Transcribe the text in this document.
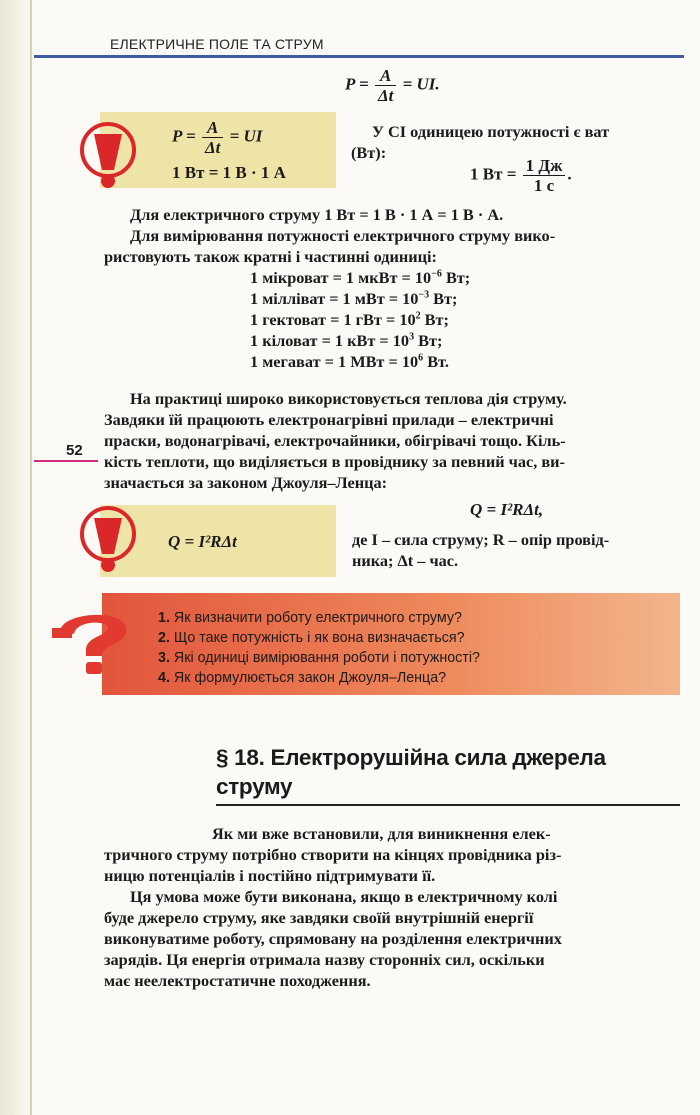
ЕЛЕКТРИЧНЕ ПОЛЕ ТА СТРУМ
$P = \frac{A}{\Delta t}$ = UI.
$P = \frac{A}{\Delta t}$ = UI
1 Вт = 1 В · 1 А
У СІ одиницею потужності є ват
(Вт):
1 Вт = $\frac{1 Дж}{1 с}$ .
Для електричного струму 1 Вт = 1 В · 1 А = 1 В · А.
Для вимірювання потужності електричного струму вико-
ристовують також кратні і частинні одиниці:
1 мікроват = 1 мкВт = $10^{-6}$ Вт;
1 мілліват = 1 мВт = $10^{-3}$ Вт;
1 гектоват = 1 гВт = $10^2$ Вт;
1 кіловат = 1 кВт = $10^3$ Вт;
1 мегават = 1 МВт = $10^6$ Вт.
На практиці широко використовується теплова дія струму.
Завдяки їй працюють електронагрівні прилади – електричні
праски, водонагрівачі, електрочайники, обігрівачі тощо. Кіль-
кість теплоти, що виділяється в провіднику за певний час, ви-
значається за законом Джоуля–Ленца:
52
Q = I²RΔt,
Q = I²RΔt	де I – сила струму; R – опір провід-
ника; Δt – час.
1. Як визначити роботу електричного струму?
2. Що таке потужність і як вона визначається?
3. Які одиниці вимірювання роботи і потужності?
4. Як формулюється закон Джоуля–Ленца?
§ 18. Електрорушійна сила джерела
струму
Як ми вже встановили, для виникнення елек-
тричного струму потрібно створити на кінцях провідника різ-
ницю потенціалів і постійно підтримувати її.
Ця умова може бути виконана, якщо в електричному колі
буде джерело струму, яке завдяки своїй внутрішній енергії
виконуватиме роботу, спрямовану на розділення електричних
зарядів. Ця енергія отримала назву сторонніх сил, оскільки
має неелектростатичне походження.
